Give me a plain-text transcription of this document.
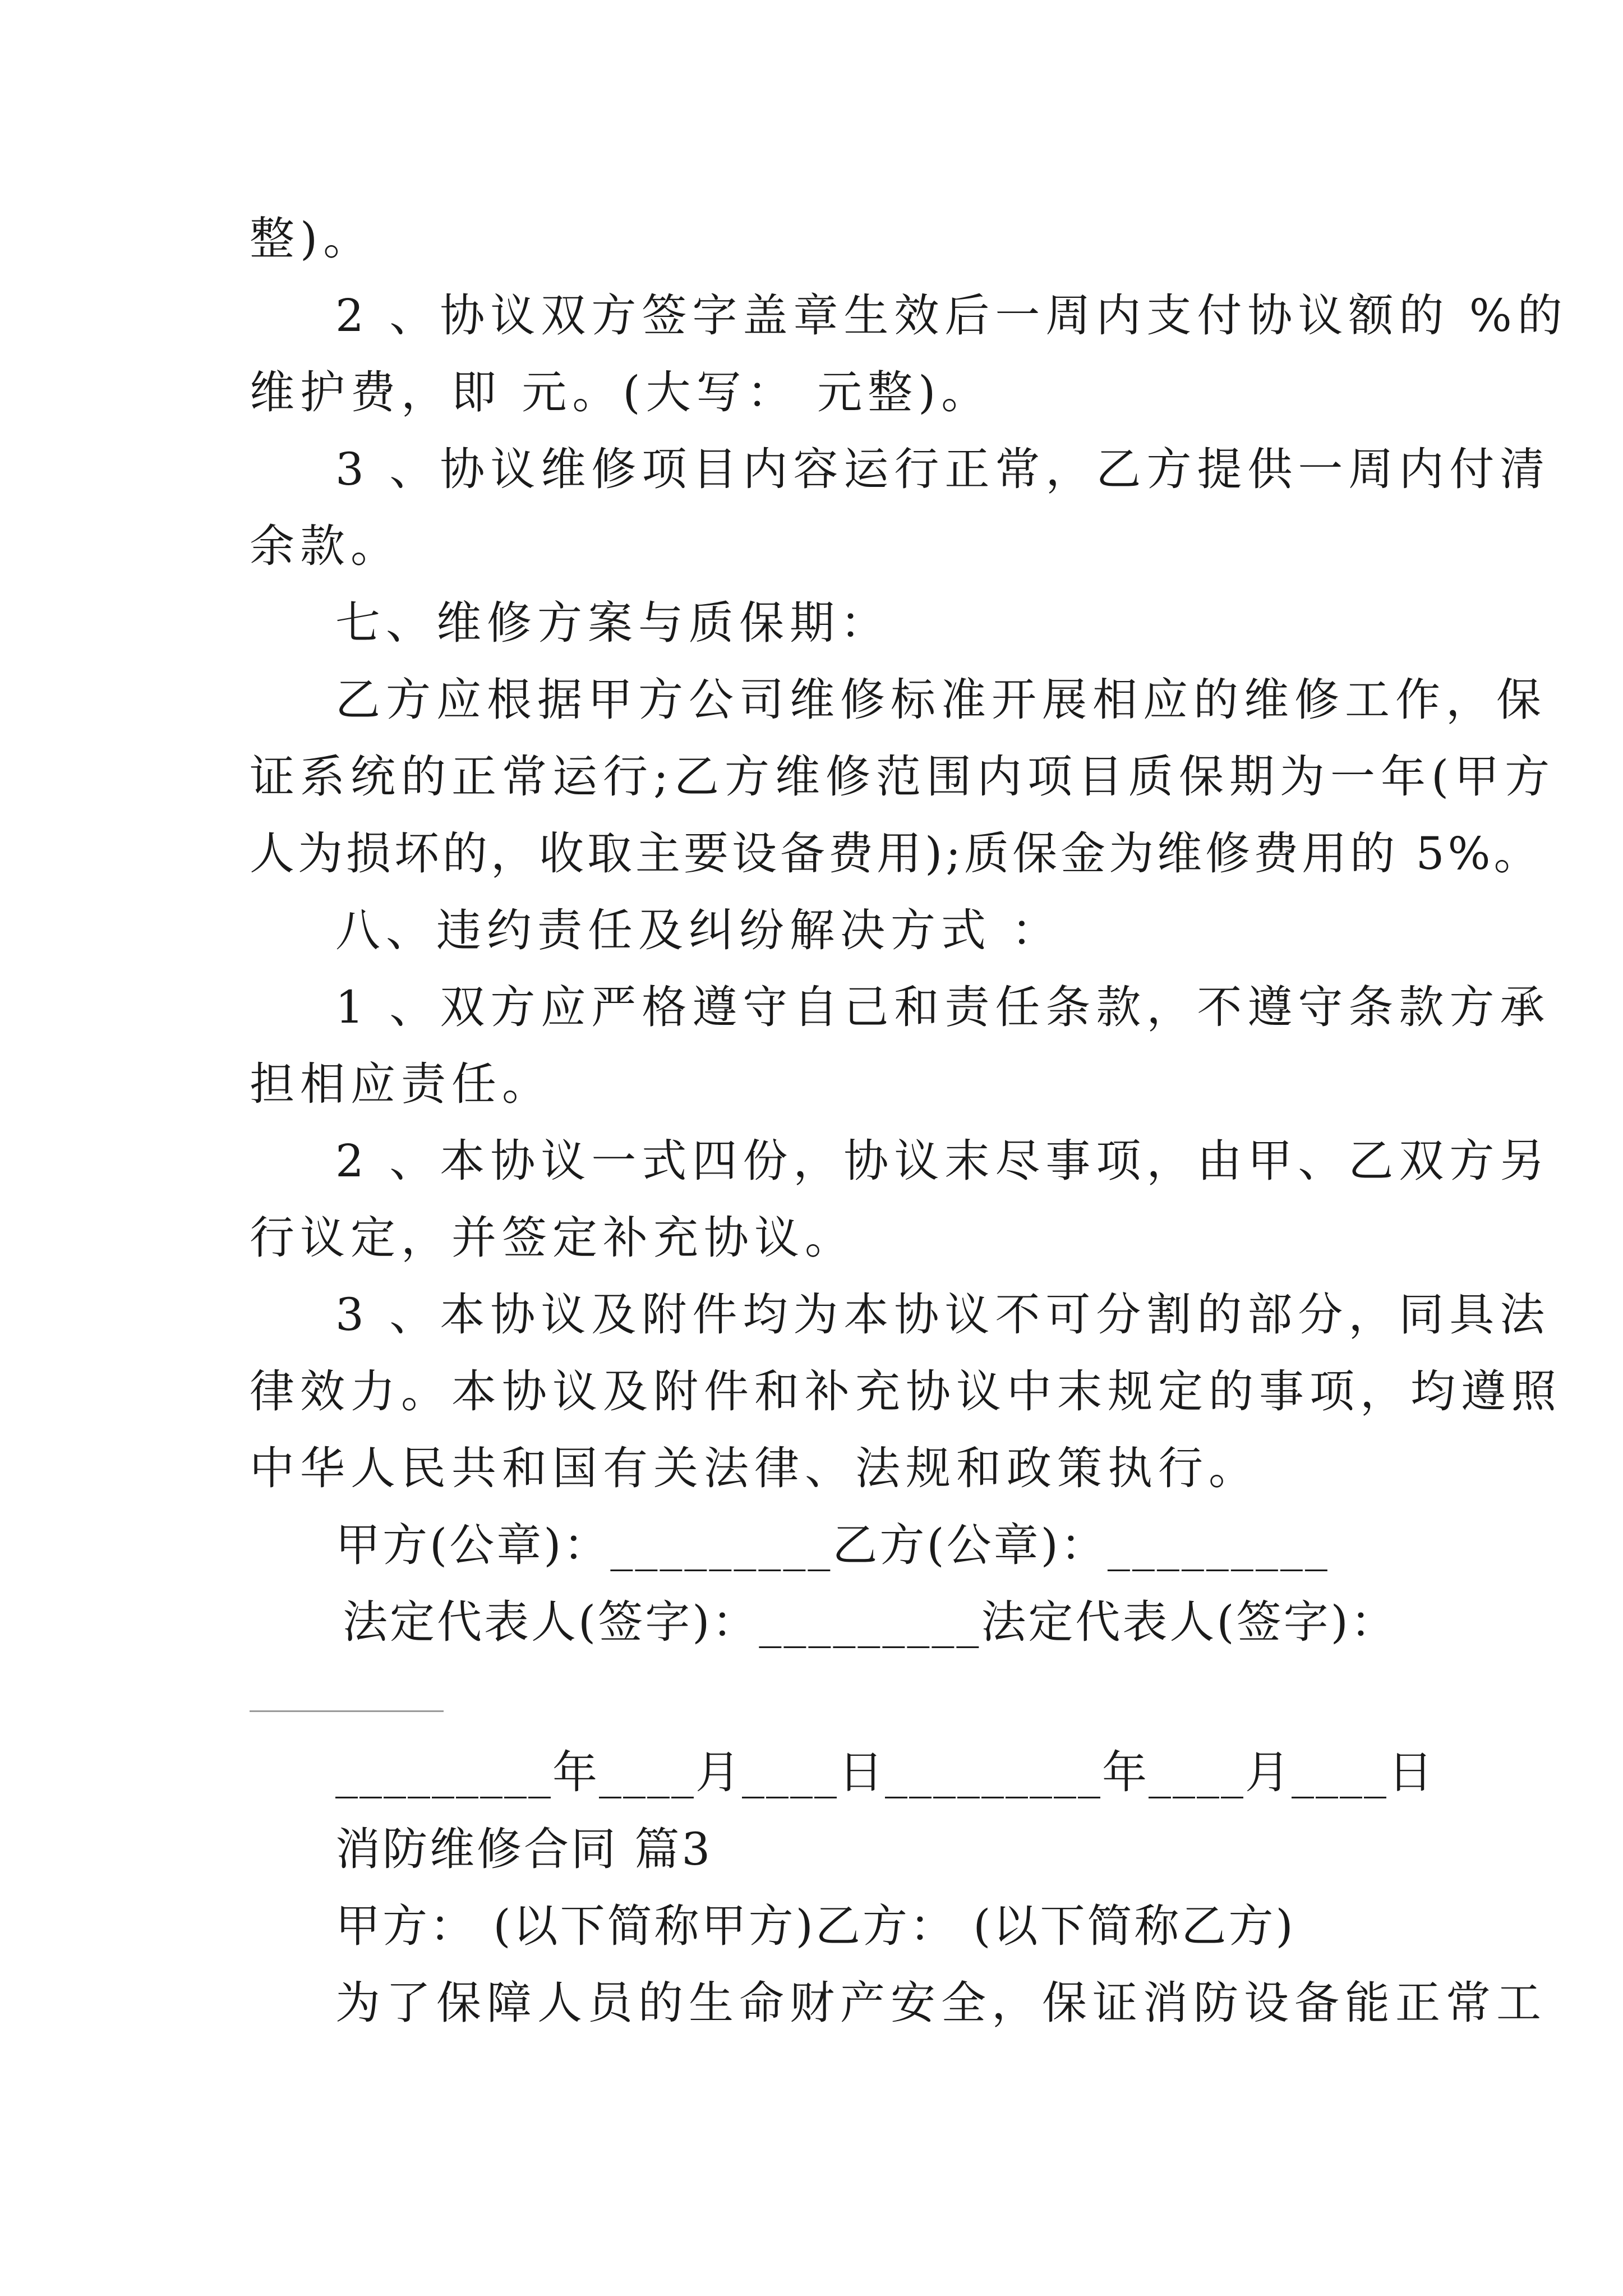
整)。
2 、协议双方签字盖章生效后一周内支付协议额的 %的
维护费，即 元。(大写： 元整)。
3 、协议维修项目内容运行正常，乙方提供一周内付清
余款。
七、维修方案与质保期：
乙方应根据甲方公司维修标准开展相应的维修工作，保
证系统的正常运行;乙方维修范围内项目质保期为一年(甲方
人为损坏的，收取主要设备费用);质保金为维修费用的 5%。
八、违约责任及纠纷解决方式 ：
1 、双方应严格遵守自己和责任条款，不遵守条款方承
担相应责任。
2 、本协议一式四份，协议末尽事项，由甲、乙双方另
行议定，并签定补充协议。
3 、本协议及附件均为本协议不可分割的部分，同具法
律效力。本协议及附件和补充协议中末规定的事项，均遵照
中华人民共和国有关法律、法规和政策执行。
甲方(公章)：_________乙方(公章)：_________
法定代表人(签字)：_________法定代表人(签字)：
_________年____月____日_________年____月____日
消防维修合同 篇3
甲方： (以下简称甲方)乙方： (以下简称乙方)
为了保障人员的生命财产安全，保证消防设备能正常工
